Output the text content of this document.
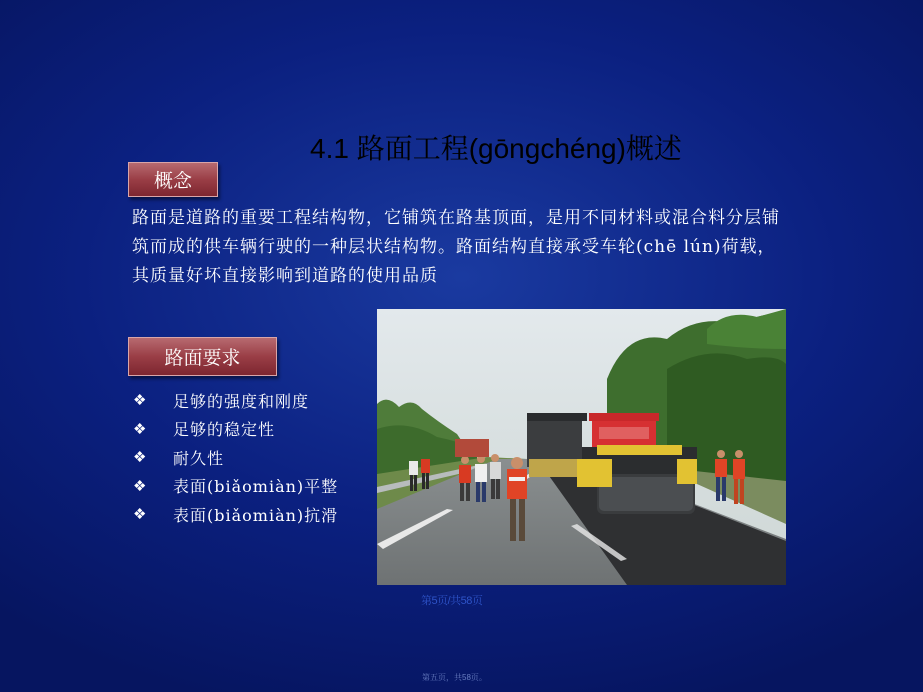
4.1 路面工程(gōngchéng)概述
概念
路面是道路的重要工程结构物，它铺筑在路基顶面，是用不同材料或混合料分层铺筑而成的供车辆行驶的一种层状结构物。路面结构直接承受车轮(chē lún)荷载，其质量好坏直接影响到道路的使用品质
路面要求
❖	足够的强度和刚度
❖	足够的稳定性
❖	耐久性
❖	表面(biǎomiàn)平整
❖	表面(biǎomiàn)抗滑
第5页/共58页
第五页，共58页。
